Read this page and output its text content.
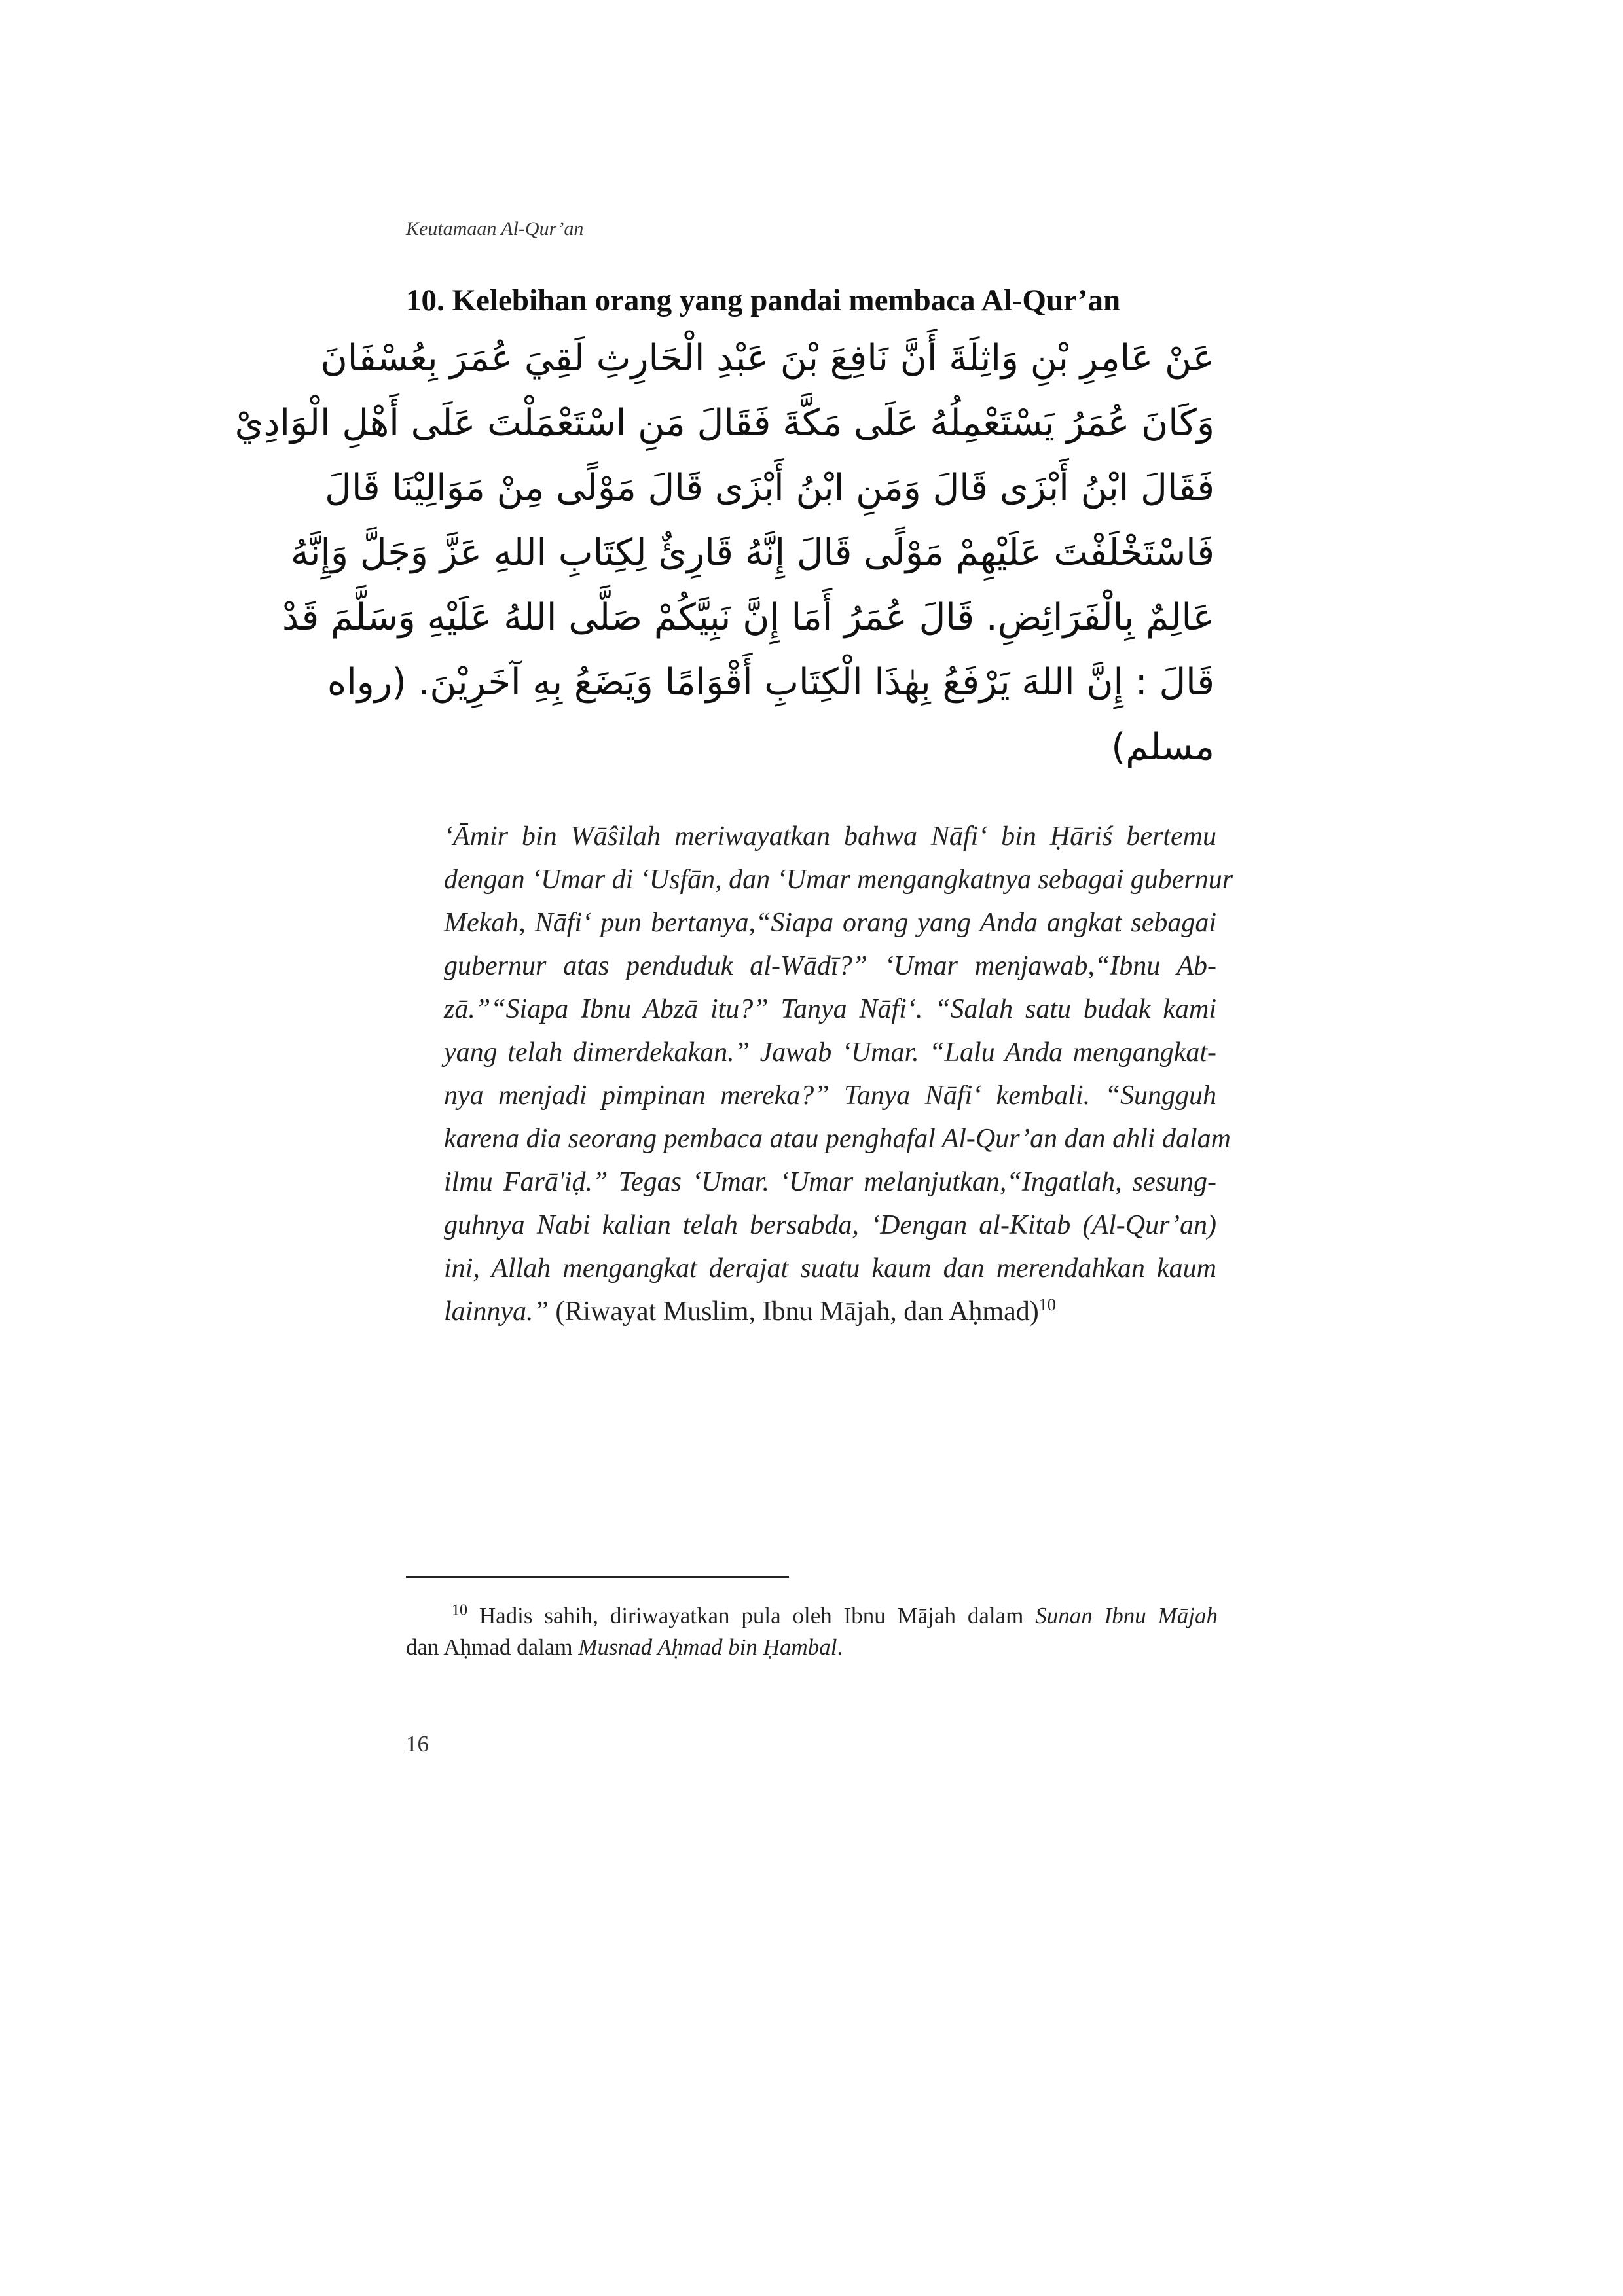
Keutamaan Al-Qur’an
10. Kelebihan orang yang pandai membaca Al-Qur’an
عَنْ عَامِرِ بْنِ وَاثِلَةَ أَنَّ نَافِعَ بْنَ عَبْدِ الْحَارِثِ لَقِيَ عُمَرَ بِعُسْفَانَ
وَكَانَ عُمَرُ يَسْتَعْمِلُهُ عَلَى مَكَّةَ فَقَالَ مَنِ اسْتَعْمَلْتَ عَلَى أَهْلِ الْوَادِيْ
فَقَالَ ابْنُ أَبْزَى قَالَ وَمَنِ ابْنُ أَبْزَى قَالَ مَوْلًى مِنْ مَوَالِيْنَا قَالَ
فَاسْتَخْلَفْتَ عَلَيْهِمْ مَوْلًى قَالَ إِنَّهُ قَارِئٌ لِكِتَابِ اللهِ عَزَّ وَجَلَّ وَإِنَّهُ
عَالِمٌ بِالْفَرَائِضِ. قَالَ عُمَرُ أَمَا إِنَّ نَبِيَّكُمْ صَلَّى اللهُ عَلَيْهِ وَسَلَّمَ قَدْ
قَالَ : إِنَّ اللهَ يَرْفَعُ بِهٰذَا الْكِتَابِ أَقْوَامًا وَيَضَعُ بِهِ آخَرِيْنَ. (رواه
مسلم)
‘Āmir bin Wāŝilah meriwayatkan bahwa Nāfi‘ bin Ḥāriś bertemu
dengan ‘Umar di ‘Usfān, dan ‘Umar mengangkatnya sebagai gubernur
Mekah, Nāfi‘ pun bertanya,“Siapa orang yang Anda angkat sebagai
gubernur atas penduduk al-Wādī?” ‘Umar menjawab,“Ibnu Ab-
zā.”“Siapa Ibnu Abzā itu?” Tanya Nāfi‘. “Salah satu budak kami
yang telah dimerdekakan.” Jawab ‘Umar. “Lalu Anda mengangkat-
nya menjadi pimpinan mereka?” Tanya Nāfi‘ kembali. “Sungguh
karena dia seorang pembaca atau penghafal Al-Qur’an dan ahli dalam
ilmu Farā'iḍ.” Tegas ‘Umar. ‘Umar melanjutkan,“Ingatlah, sesung-
guhnya Nabi kalian telah bersabda, ‘Dengan al-Kitab (Al-Qur’an)
ini, Allah mengangkat derajat suatu kaum dan merendahkan kaum
lainnya.” (Riwayat Muslim, Ibnu Mājah, dan Aḥmad)$^{10}$
$^{10}$ Hadis sahih, diriwayatkan pula oleh Ibnu Mājah dalam Sunan Ibnu Mājah
dan Aḥmad dalam Musnad Aḥmad bin Ḥambal.
16
